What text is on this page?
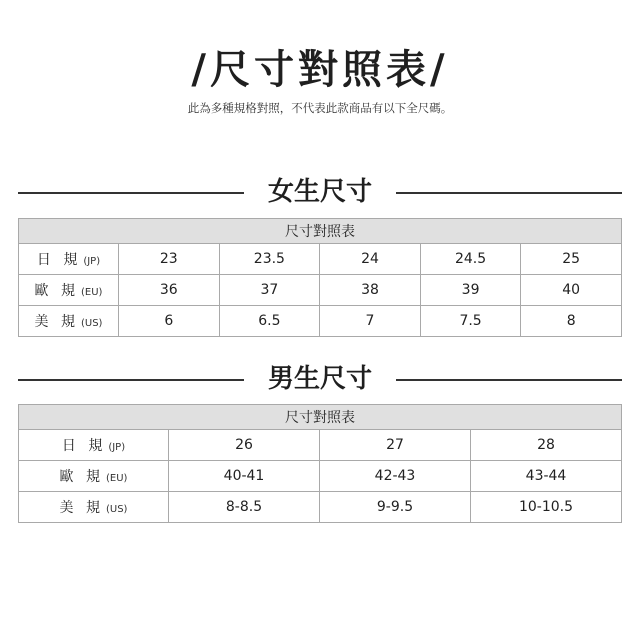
/尺寸對照表/
此為多種規格對照，不代表此款商品有以下全尺碼。
女生尺寸
尺寸對照表					
日 規 (JP)	23	23.5	24	24.5	25
歐 規 (EU)	36	37	38	39	40
美 規 (US)	6	6.5	7	7.5	8
男生尺寸
尺寸對照表			
日 規 (JP)	26	27	28
歐 規 (EU)	40-41	42-43	43-44
美 規 (US)	8-8.5	9-9.5	10-10.5
